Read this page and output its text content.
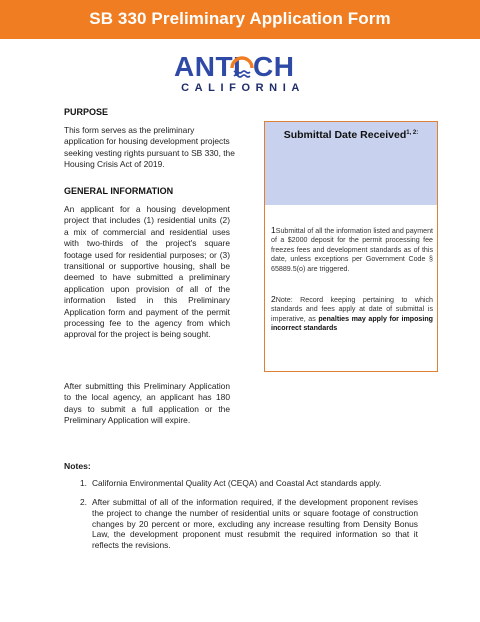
SB 330 Preliminary Application Form
ANTI CH
CALIFORNIA
PURPOSE
This form serves as the preliminary application for housing development projects seeking vesting rights pursuant to SB 330, the Housing Crisis Act of 2019.
GENERAL INFORMATION
An applicant for a housing development project that includes (1) residential units (2) a mix of commercial and residential uses with two-thirds of the project's square footage used for residential purposes; or (3) transitional or supportive housing, shall be deemed to have submitted a preliminary application upon provision of all of the information listed in this Preliminary Application form and payment of the permit processing fee to the agency from which approval for the project is being sought.
After submitting this Preliminary Application to the local agency, an applicant has 180 days to submit a full application or the Preliminary Application will expire.
Submittal Date Received$^{1, 2:}$
1Submittal of all the information listed and payment of a $2000 deposit for the permit processing fee freezes fees and development standards as of this date, unless exceptions per Government Code § 65889.5(o) are triggered.
2Note: Record keeping pertaining to which standards and fees apply at date of submittal is imperative, as penalties may apply for imposing incorrect standards
Notes:
1. California Environmental Quality Act (CEQA) and Coastal Act standards apply.
2. After submittal of all of the information required, if the development proponent revises the project to change the number of residential units or square footage of construction changes by 20 percent or more, excluding any increase resulting from Density Bonus Law, the development proponent must resubmit the required information so that it reflects the revisions.
